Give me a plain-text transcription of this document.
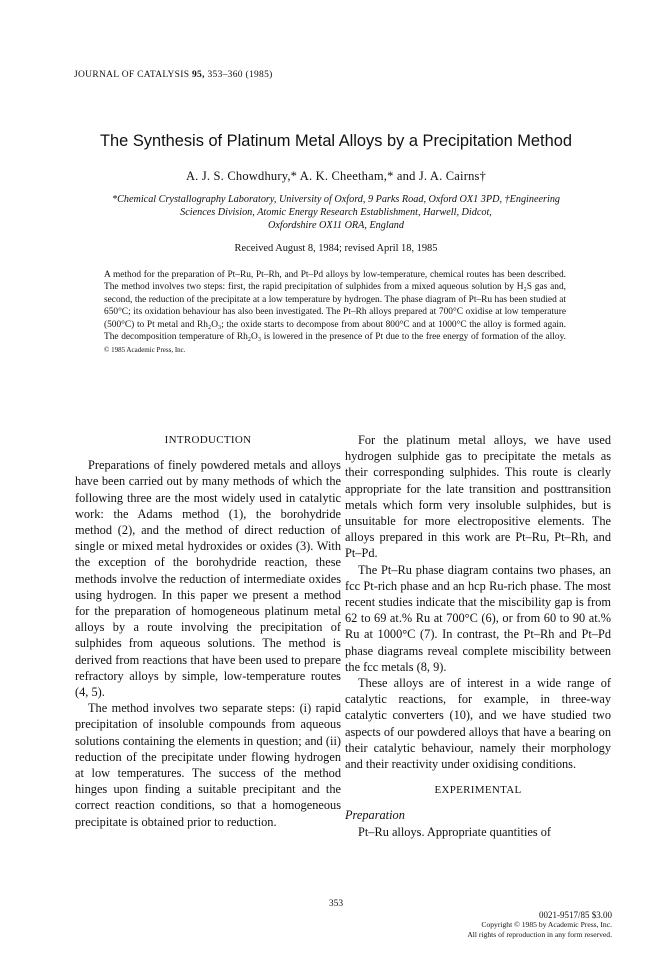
JOURNAL OF CATALYSIS 95, 353–360 (1985)
The Synthesis of Platinum Metal Alloys by a Precipitation Method
A. J. S. Chowdhury,* A. K. Cheetham,* and J. A. Cairns†
*Chemical Crystallography Laboratory, University of Oxford, 9 Parks Road, Oxford OX1 3PD, †Engineering
Sciences Division, Atomic Energy Research Establishment, Harwell, Didcot,
Oxfordshire OX11 ORA, England
Received August 8, 1984; revised April 18, 1985
A method for the preparation of Pt–Ru, Pt–Rh, and Pt–Pd alloys by low-temperature, chemical routes has been described. The method involves two steps: first, the rapid precipitation of sulphides from a mixed aqueous solution by H₂S gas and, second, the reduction of the precipitate at a low temperature by hydrogen. The phase diagram of Pt–Ru has been studied at 650°C; its oxidation behaviour has also been investigated. The Pt–Rh alloys prepared at 700°C oxidise at low temperature (500°C) to Pt metal and Rh₂O₃; the oxide starts to decompose from about 800°C and at 1000°C the alloy is formed again. The decomposition temperature of Rh₂O₃ is lowered in the presence of Pt due to the free energy of formation of the alloy. © 1985 Academic Press, Inc.
INTRODUCTION

Preparations of finely powdered metals and alloys have been carried out by many methods of which the following three are the most widely used in catalytic work: the Adams method (1), the borohydride method (2), and the method of direct reduction of single or mixed metal hydroxides or oxides (3). With the exception of the borohydride reaction, these methods involve the reduction of intermediate oxides using hydrogen. In this paper we present a method for the preparation of homogeneous platinum metal alloys by a route involving the precipitation of sulphides from aqueous solutions. The method is derived from reactions that have been used to prepare refractory alloys by simple, low-temperature routes (4, 5).

The method involves two separate steps: (i) rapid precipitation of insoluble compounds from aqueous solutions containing the elements in question; and (ii) reduction of the precipitate under flowing hydrogen at low temperatures. The success of the method hinges upon finding a suitable precipitant and the correct reaction conditions, so that a homogeneous precipitate is obtained prior to reduction.

For the platinum metal alloys, we have used hydrogen sulphide gas to precipitate the metals as their corresponding sulphides. This route is clearly appropriate for the late transition and posttransition metals which form very insoluble sulphides, but is unsuitable for more electropositive elements. The alloys prepared in this work are Pt–Ru, Pt–Rh, and Pt–Pd.

The Pt–Ru phase diagram contains two phases, an fcc Pt-rich phase and an hcp Ru-rich phase. The most recent studies indicate that the miscibility gap is from 62 to 69 at.% Ru at 700°C (6), or from 60 to 90 at.% Ru at 1000°C (7). In contrast, the Pt–Rh and Pt–Pd phase diagrams reveal complete miscibility between the fcc metals (8, 9).

These alloys are of interest in a wide range of catalytic reactions, for example, in three-way catalytic converters (10), and we have studied two aspects of our powdered alloys that have a bearing on their catalytic behaviour, namely their morphology and their reactivity under oxidising conditions.

EXPERIMENTAL

Preparation

Pt–Ru alloys. Appropriate quantities of

353
0021-9517/85 $3.00
Copyright © 1985 by Academic Press, Inc.
All rights of reproduction in any form reserved.
